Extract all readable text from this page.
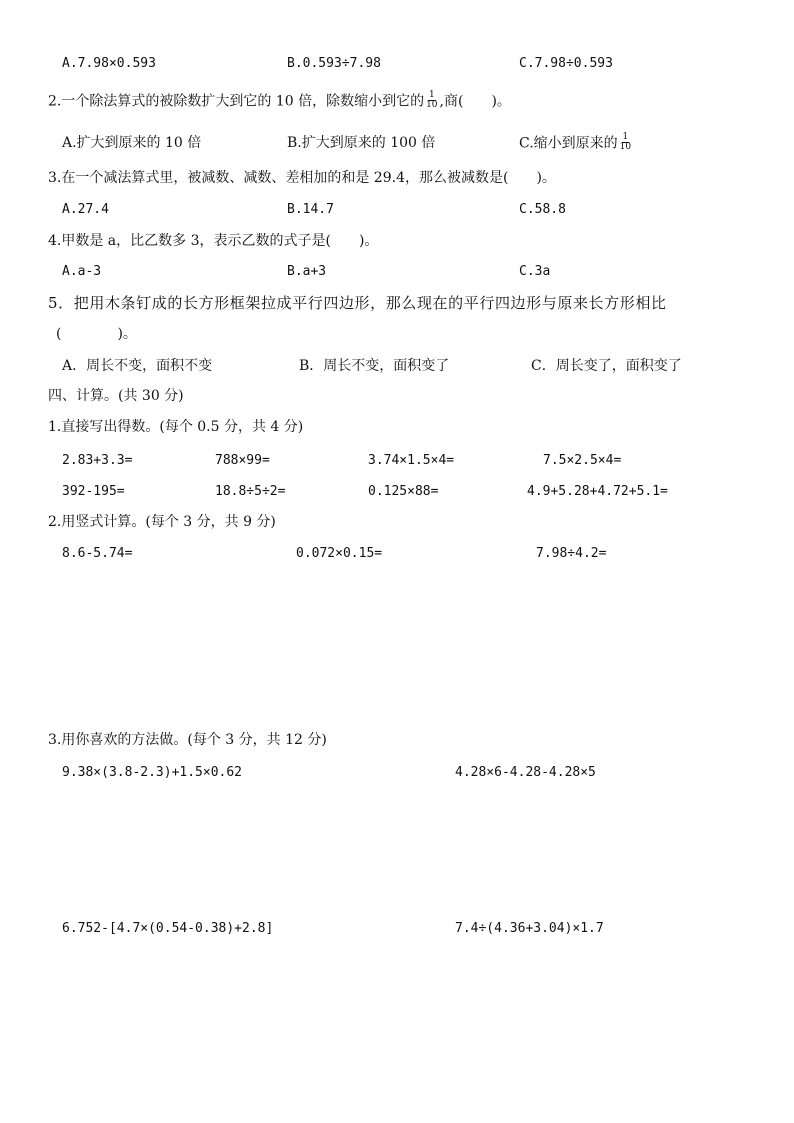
A.7.98×0.593	B.0.593÷7.98	C.7.98÷0.593
2.一个除法算式的被除数扩大到它的 10 倍，除数缩小到它的 $\frac{1}{10}$ ,商(　　)。
A.扩大到原来的 10 倍	B.扩大到原来的 100 倍	C.缩小到原来的 $\frac{1}{10}$
3.在一个减法算式里，被减数、减数、差相加的和是 29.4，那么被减数是(　　)。
A.27.4	B.14.7	C.58.8
4.甲数是 a，比乙数多 3，表示乙数的式子是(　　)。
A.a-3	B.a+3	C.3a
5．把用木条钉成的长方形框架拉成平行四边形，那么现在的平行四边形与原来长方形相比
(　　　　)。
A．周长不变，面积不变	B．周长不变，面积变了	C．周长变了，面积变了
四、计算。(共 30 分)
1.直接写出得数。(每个 0.5 分，共 4 分)
2.83+3.3=	788×99=	3.74×1.5×4=	7.5×2.5×4=
392-195=	18.8÷5÷2=	0.125×88=	4.9+5.28+4.72+5.1=
2.用竖式计算。(每个 3 分，共 9 分)
8.6-5.74=	0.072×0.15=	7.98÷4.2=
3.用你喜欢的方法做。(每个 3 分，共 12 分)
9.38×(3.8-2.3)+1.5×0.62	4.28×6-4.28-4.28×5
6.752-[4.7×(0.54-0.38)+2.8]	7.4÷(4.36+3.04)×1.7
